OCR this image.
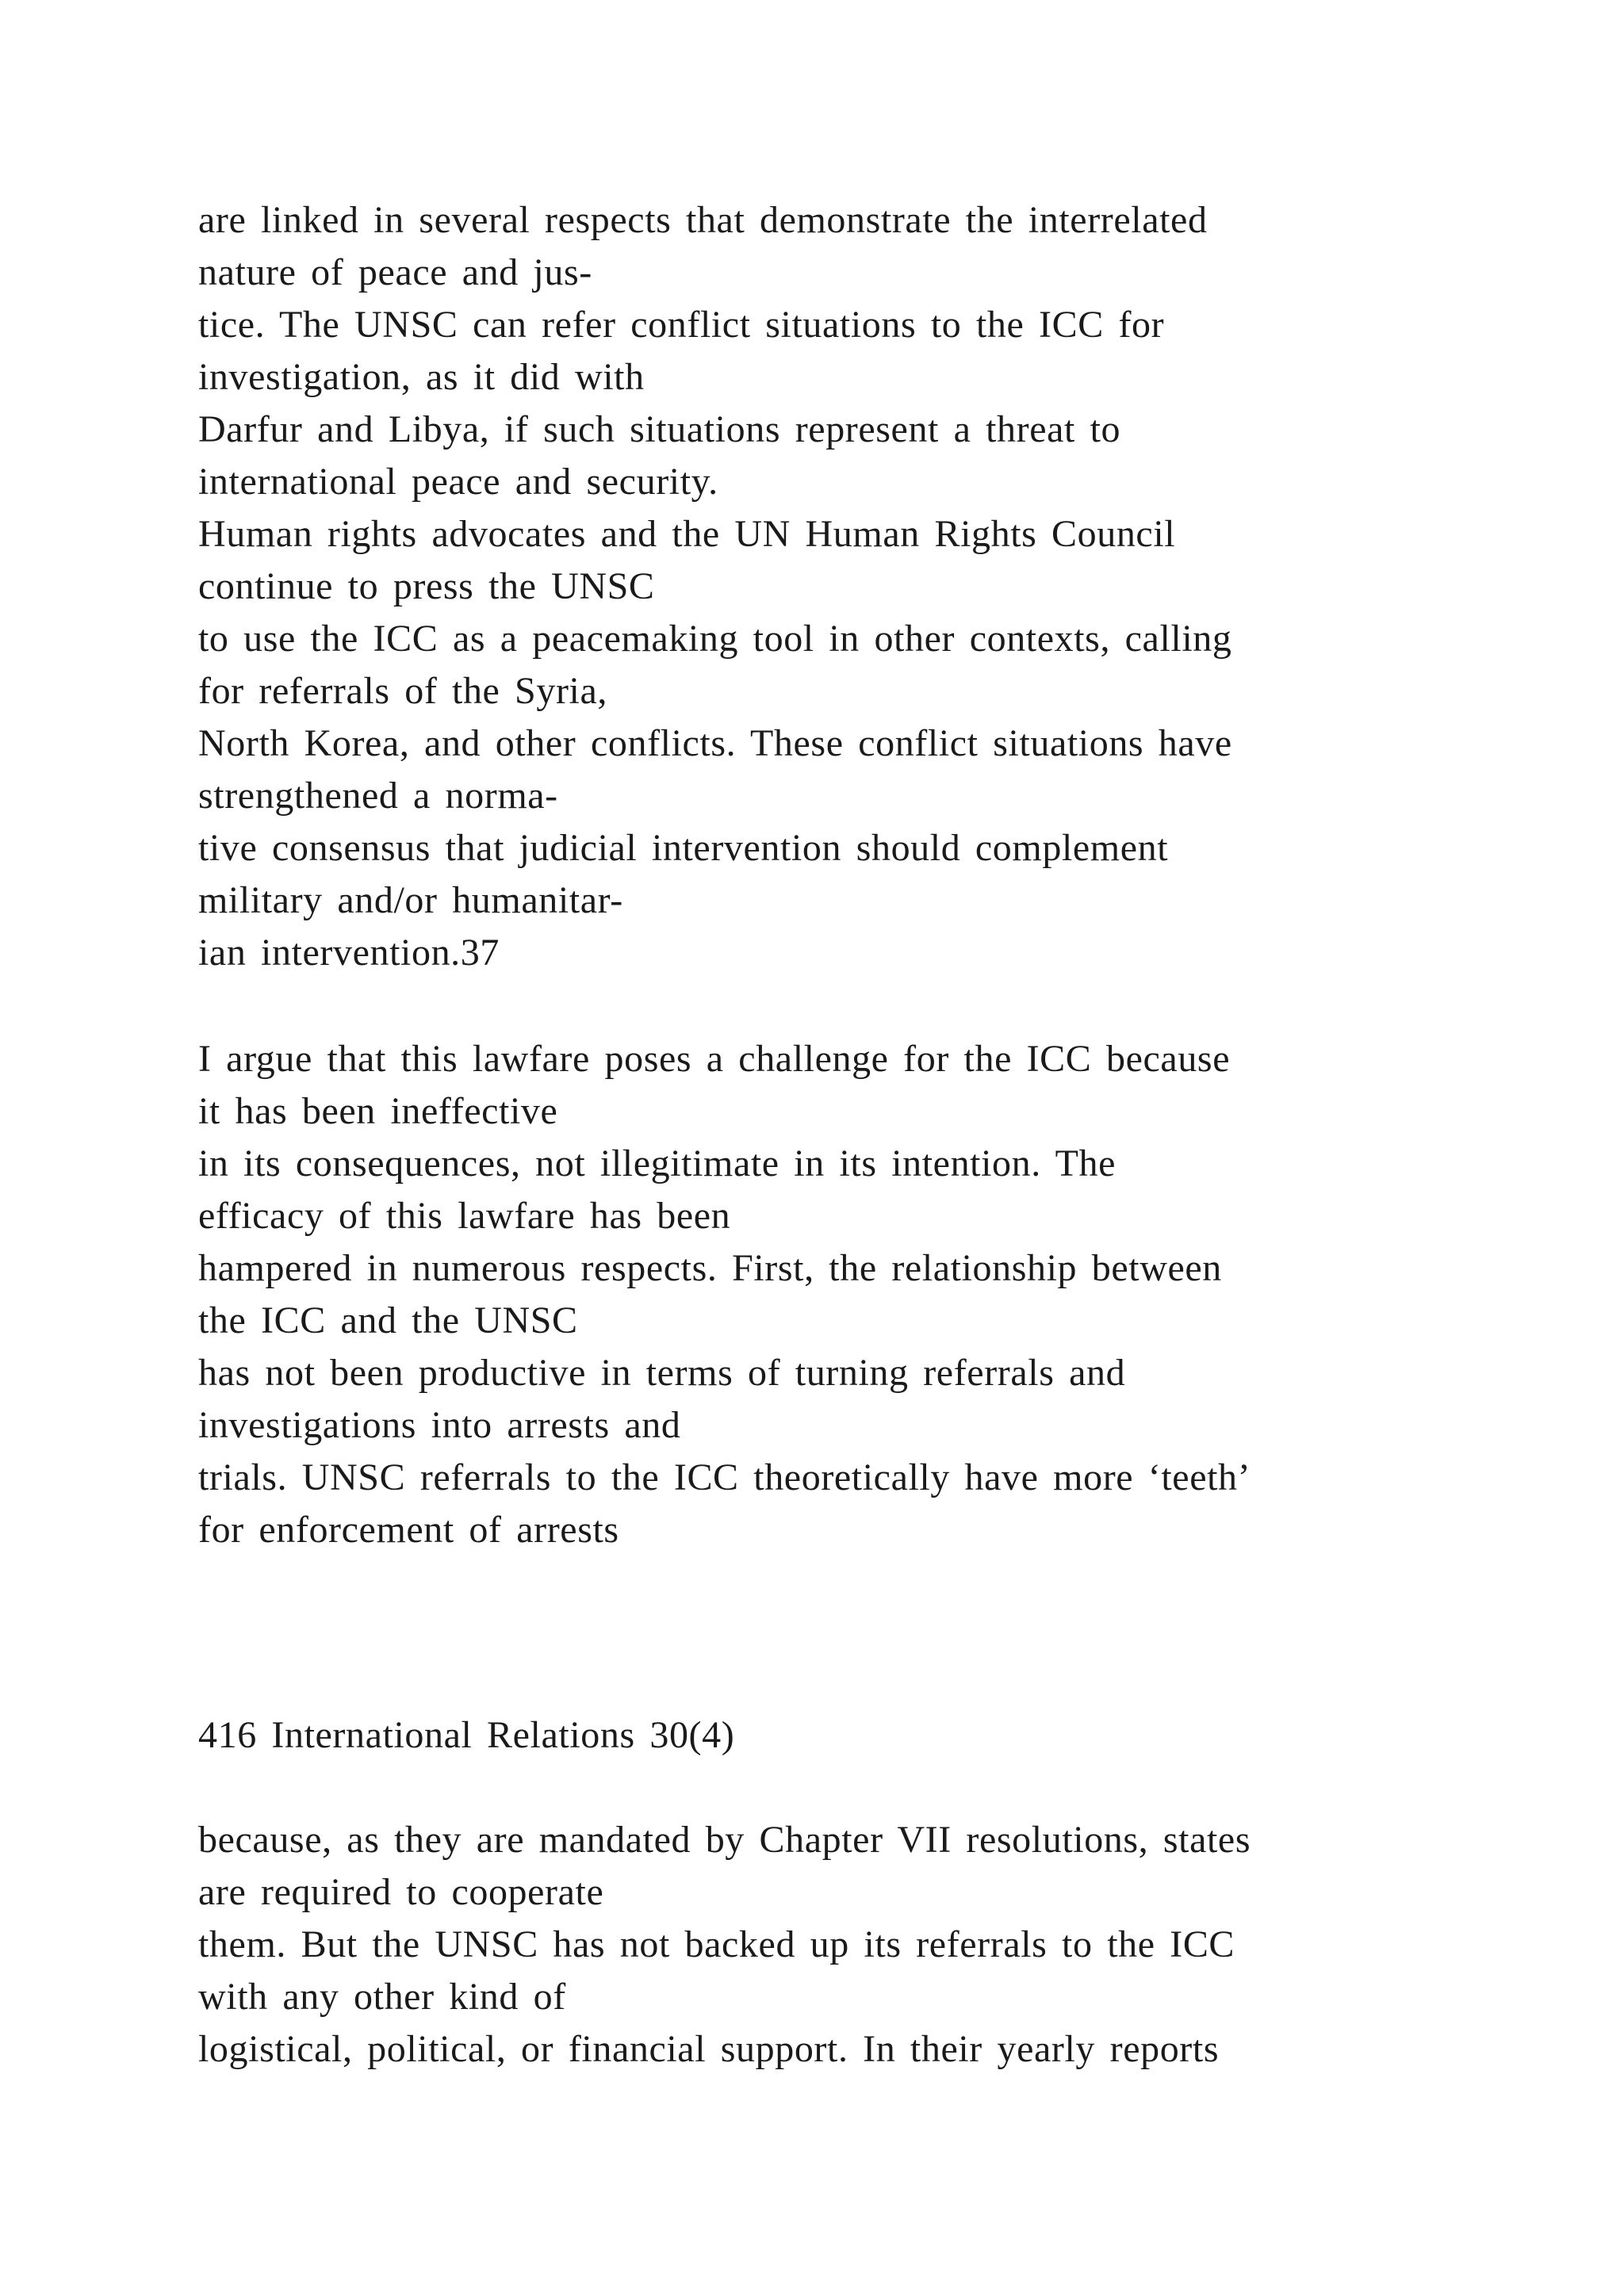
are linked in several respects that demonstrate the interrelated
nature of peace and jus-
tice. The UNSC can refer conflict situations to the ICC for
investigation, as it did with
Darfur and Libya, if such situations represent a threat to
international peace and security.
Human rights advocates and the UN Human Rights Council
continue to press the UNSC
to use the ICC as a peacemaking tool in other contexts, calling
for referrals of the Syria,
North Korea, and other conflicts. These conflict situations have
strengthened a norma-
tive consensus that judicial intervention should complement
military and/or humanitar-
ian intervention.37
I argue that this lawfare poses a challenge for the ICC because
it has been ineffective
in its consequences, not illegitimate in its intention. The
efficacy of this lawfare has been
hampered in numerous respects. First, the relationship between
the ICC and the UNSC
has not been productive in terms of turning referrals and
investigations into arrests and
trials. UNSC referrals to the ICC theoretically have more ‘teeth’
for enforcement of arrests
416 International Relations 30(4)
because, as they are mandated by Chapter VII resolutions, states
are required to cooperate
them. But the UNSC has not backed up its referrals to the ICC
with any other kind of
logistical, political, or financial support. In their yearly reports
